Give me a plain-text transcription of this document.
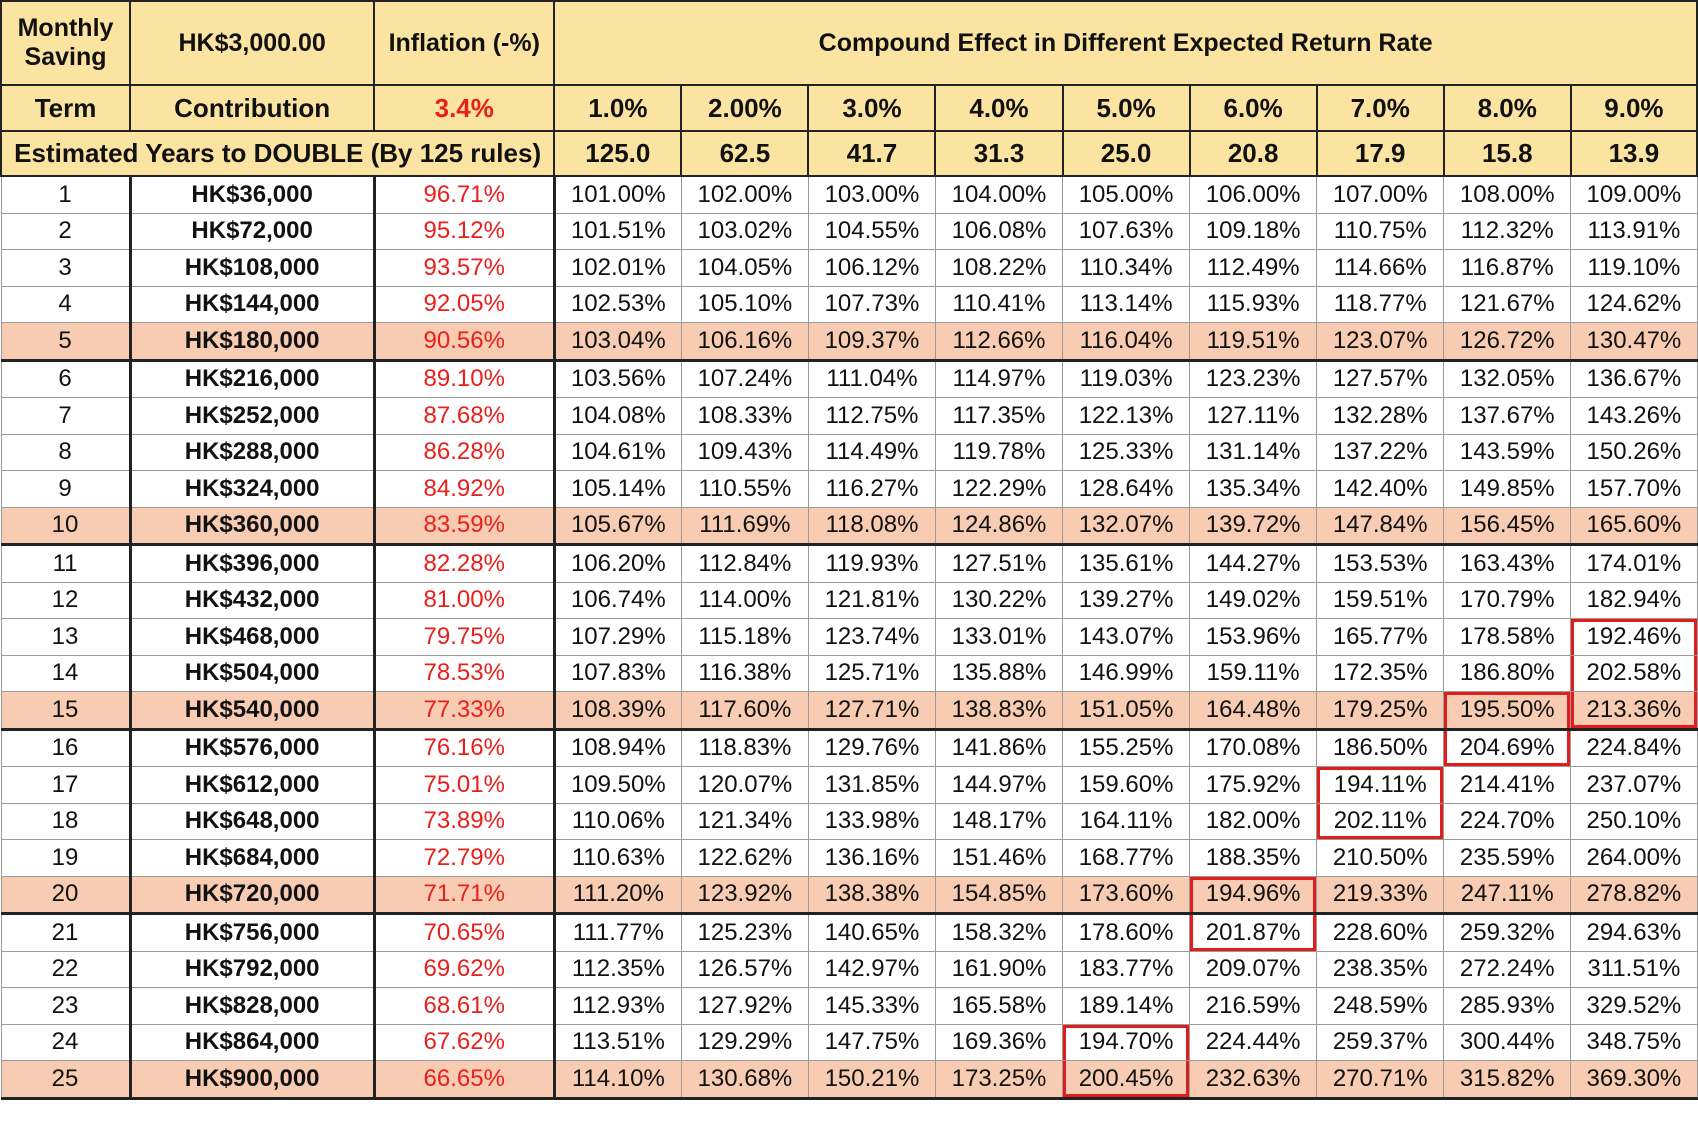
Monthly Saving	HK$3,000.00	Inflation (-%)	Compound Effect in Different Expected Return Rate								
Term	Contribution	3.4%	1.0%	2.00%	3.0%	4.0%	5.0%	6.0%	7.0%	8.0%	9.0%
Estimated Years to DOUBLE (By 125 rules)			125.0	62.5	41.7	31.3	25.0	20.8	17.9	15.8	13.9
1	HK$36,000	96.71%	101.00%	102.00%	103.00%	104.00%	105.00%	106.00%	107.00%	108.00%	109.00%
2	HK$72,000	95.12%	101.51%	103.02%	104.55%	106.08%	107.63%	109.18%	110.75%	112.32%	113.91%
3	HK$108,000	93.57%	102.01%	104.05%	106.12%	108.22%	110.34%	112.49%	114.66%	116.87%	119.10%
4	HK$144,000	92.05%	102.53%	105.10%	107.73%	110.41%	113.14%	115.93%	118.77%	121.67%	124.62%
5	HK$180,000	90.56%	103.04%	106.16%	109.37%	112.66%	116.04%	119.51%	123.07%	126.72%	130.47%
6	HK$216,000	89.10%	103.56%	107.24%	111.04%	114.97%	119.03%	123.23%	127.57%	132.05%	136.67%
7	HK$252,000	87.68%	104.08%	108.33%	112.75%	117.35%	122.13%	127.11%	132.28%	137.67%	143.26%
8	HK$288,000	86.28%	104.61%	109.43%	114.49%	119.78%	125.33%	131.14%	137.22%	143.59%	150.26%
9	HK$324,000	84.92%	105.14%	110.55%	116.27%	122.29%	128.64%	135.34%	142.40%	149.85%	157.70%
10	HK$360,000	83.59%	105.67%	111.69%	118.08%	124.86%	132.07%	139.72%	147.84%	156.45%	165.60%
11	HK$396,000	82.28%	106.20%	112.84%	119.93%	127.51%	135.61%	144.27%	153.53%	163.43%	174.01%
12	HK$432,000	81.00%	106.74%	114.00%	121.81%	130.22%	139.27%	149.02%	159.51%	170.79%	182.94%
13	HK$468,000	79.75%	107.29%	115.18%	123.74%	133.01%	143.07%	153.96%	165.77%	178.58%	192.46%
14	HK$504,000	78.53%	107.83%	116.38%	125.71%	135.88%	146.99%	159.11%	172.35%	186.80%	202.58%
15	HK$540,000	77.33%	108.39%	117.60%	127.71%	138.83%	151.05%	164.48%	179.25%	195.50%	213.36%
16	HK$576,000	76.16%	108.94%	118.83%	129.76%	141.86%	155.25%	170.08%	186.50%	204.69%	224.84%
17	HK$612,000	75.01%	109.50%	120.07%	131.85%	144.97%	159.60%	175.92%	194.11%	214.41%	237.07%
18	HK$648,000	73.89%	110.06%	121.34%	133.98%	148.17%	164.11%	182.00%	202.11%	224.70%	250.10%
19	HK$684,000	72.79%	110.63%	122.62%	136.16%	151.46%	168.77%	188.35%	210.50%	235.59%	264.00%
20	HK$720,000	71.71%	111.20%	123.92%	138.38%	154.85%	173.60%	194.96%	219.33%	247.11%	278.82%
21	HK$756,000	70.65%	111.77%	125.23%	140.65%	158.32%	178.60%	201.87%	228.60%	259.32%	294.63%
22	HK$792,000	69.62%	112.35%	126.57%	142.97%	161.90%	183.77%	209.07%	238.35%	272.24%	311.51%
23	HK$828,000	68.61%	112.93%	127.92%	145.33%	165.58%	189.14%	216.59%	248.59%	285.93%	329.52%
24	HK$864,000	67.62%	113.51%	129.29%	147.75%	169.36%	194.70%	224.44%	259.37%	300.44%	348.75%
25	HK$900,000	66.65%	114.10%	130.68%	150.21%	173.25%	200.45%	232.63%	270.71%	315.82%	369.30%
